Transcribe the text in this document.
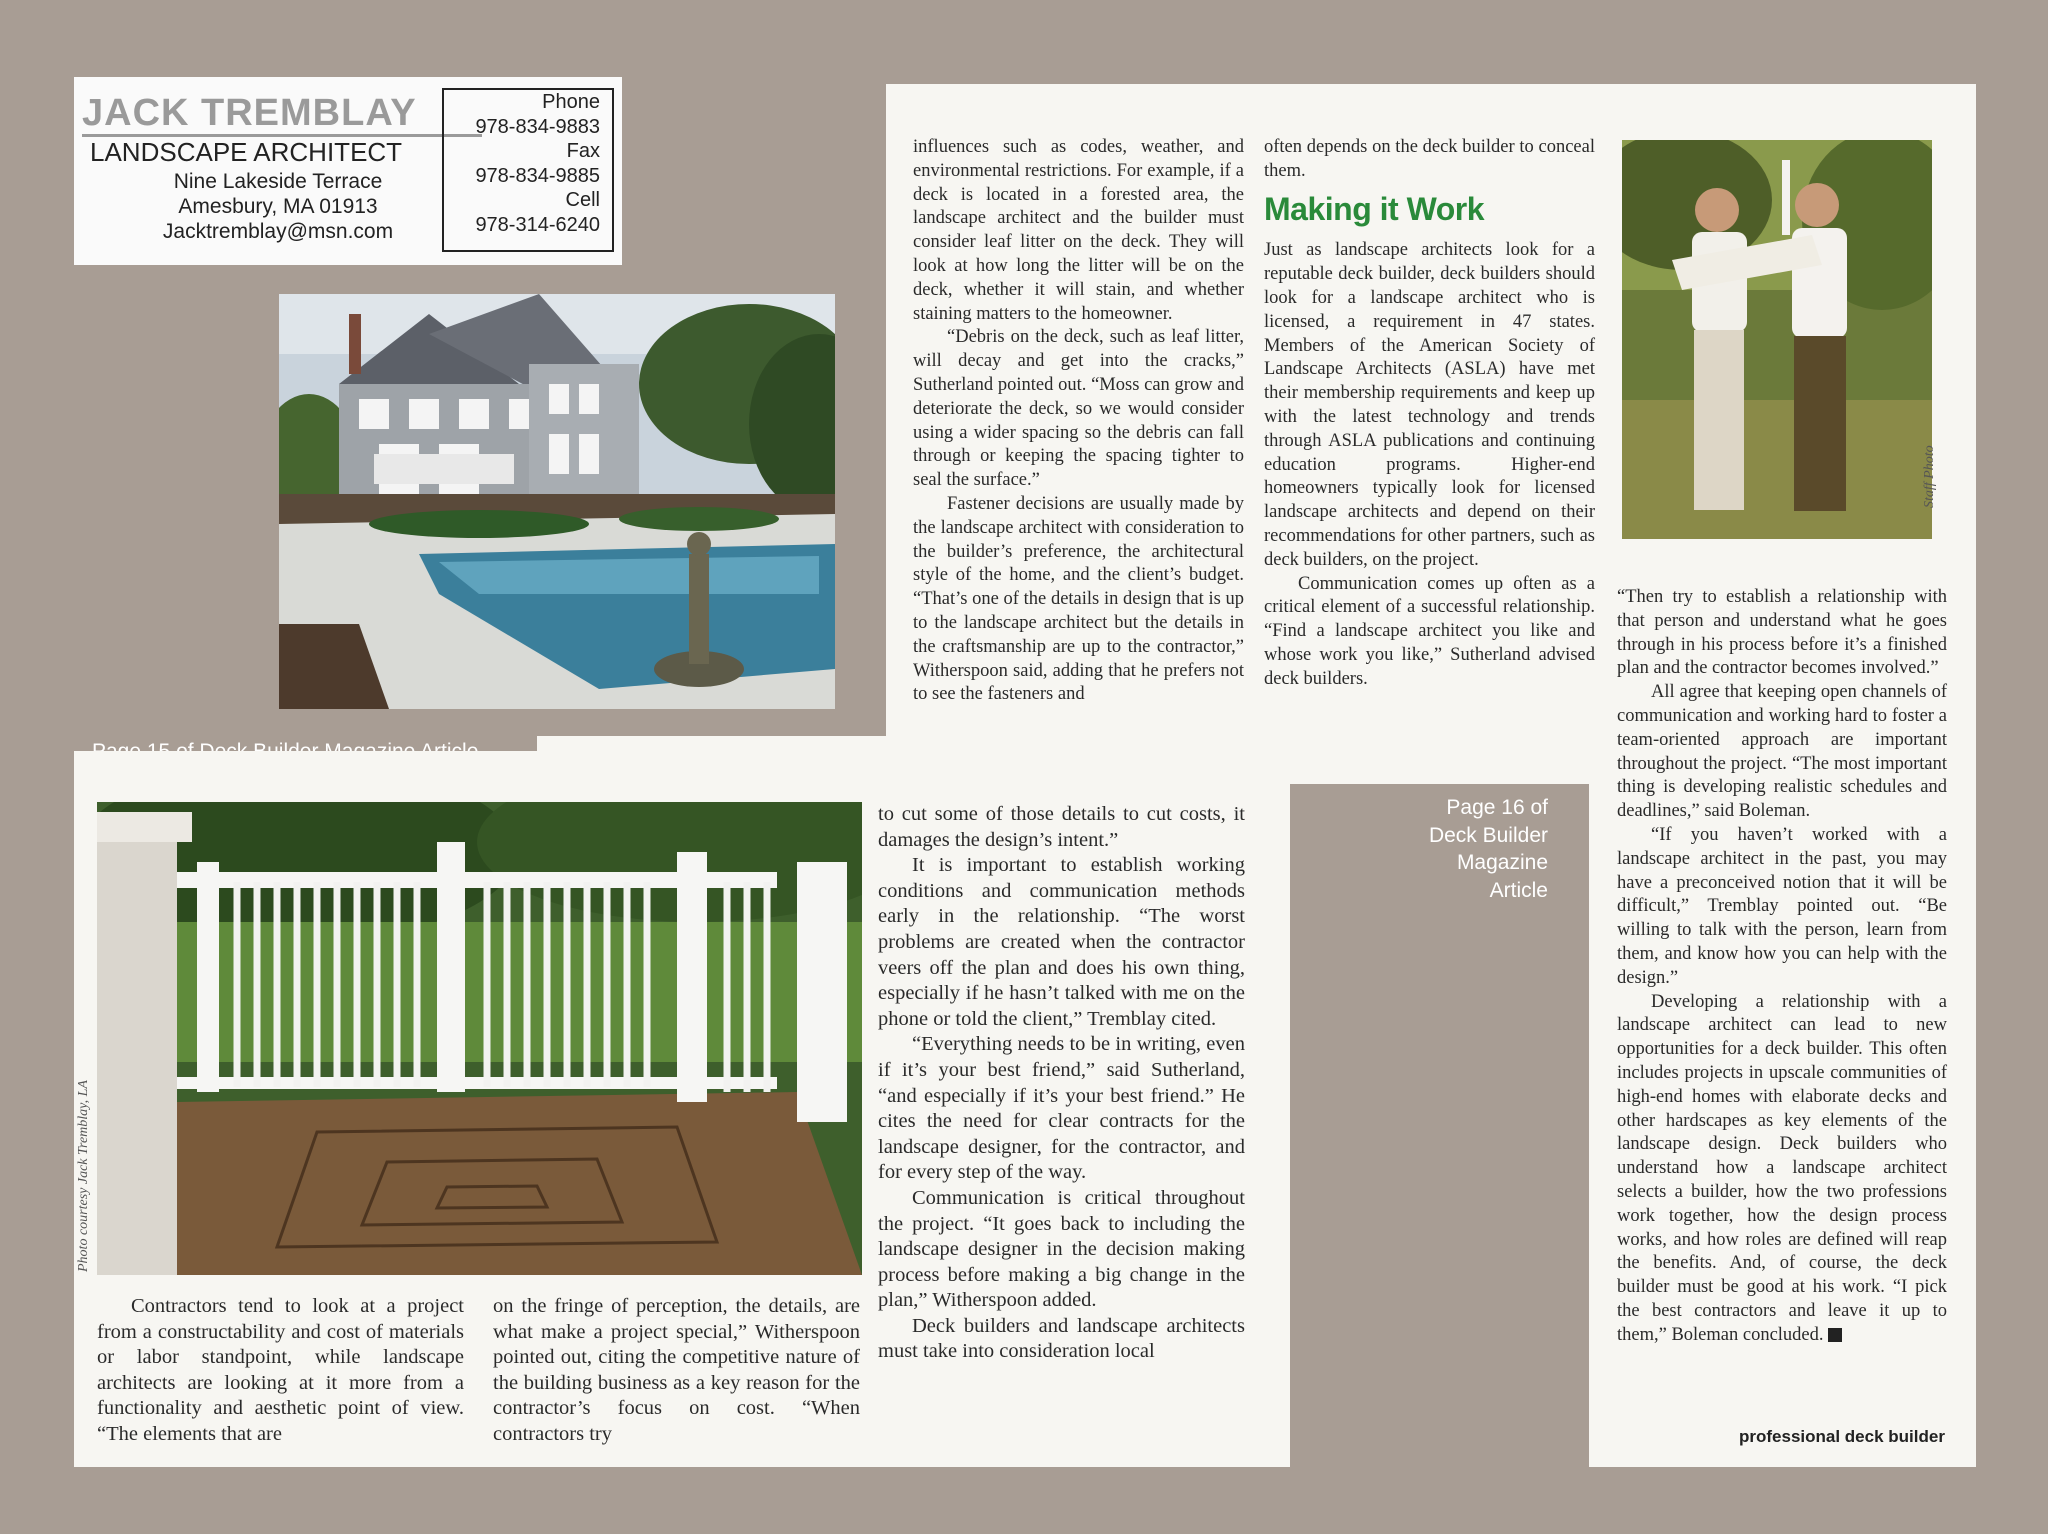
JACK TREMBLAY
LANDSCAPE ARCHITECT
Nine Lakeside Terrace
Amesbury, MA 01913
Jacktremblay@msn.com
Phone
978-834-9883
Fax
978-834-9885
Cell
978-314-6240
Page 16 of
Deck Builder
Magazine
Article

influences such as codes, weather, and environmental restrictions. For example, if a deck is located in a forested area, the landscape architect and the builder must consider leaf litter on the deck. They will look at how long the litter will be on the deck, whether it will stain, and whether staining matters to the homeowner.

“Debris on the deck, such as leaf litter, will decay and get into the cracks,” Sutherland pointed out. “Moss can grow and deteriorate the deck, so we would consider using a wider spacing so the debris can fall through or keeping the spacing tighter to seal the surface.”

Fastener decisions are usually made by the landscape architect with consideration to the builder’s preference, the architectural style of the home, and the client’s budget. “That’s one of the details in design that is up to the landscape architect but the details in the craftsmanship are up to the contractor,” Witherspoon said, adding that he prefers not to see the fasteners and

often depends on the deck builder to conceal them.

Making it Work

Just as landscape architects look for a reputable deck builder, deck builders should look for a landscape architect who is licensed, a requirement in 47 states. Members of the American Society of Landscape Architects (ASLA) have met their membership requirements and keep up with the latest technology and trends through ASLA publications and continuing education programs. Higher-end homeowners typically look for licensed landscape architects and depend on their recommendations for other partners, such as deck builders, on the project.

Communication comes up often as a critical element of a successful relationship. “Find a landscape architect you like and whose work you like,” Sutherland advised deck builders.

Staff Photo

“Then try to establish a relationship with that person and understand what he goes through in his process before it’s a finished plan and the contractor becomes involved.”

All agree that keeping open channels of communication and working hard to foster a team-oriented approach are important throughout the project. “The most important thing is developing realistic schedules and deadlines,” said Boleman.

“If you haven’t worked with a landscape architect in the past, you may have a preconceived notion that it will be difficult,” Tremblay pointed out. “Be willing to talk with the person, learn from them, and know how you can help with the design.”

Developing a relationship with a landscape architect can lead to new opportunities for a deck builder. This often includes projects in upscale communities of high-end homes with elaborate decks and other hardscapes as key elements of the landscape design. Deck builders who understand how a landscape architect selects a builder, how the two professions work together, how the design process works, and how roles are defined will reap the benefits. And, of course, the deck builder must be good at his work. “I pick the best contractors and leave it up to them,” Boleman concluded.

professional deck builder
Photo courtesy Jack Tremblay, LA

Contractors tend to look at a project from a constructability and cost of materials or labor standpoint, while landscape architects are looking at it more from a functionality and aesthetic point of view. “The elements that are

on the fringe of perception, the details, are what make a project special,” Witherspoon pointed out, citing the competitive nature of the building business as a key reason for the contractor’s focus on cost. “When contractors try

to cut some of those details to cut costs, it damages the design’s intent.”

It is important to establish working conditions and communication methods early in the relationship. “The worst problems are created when the contractor veers off the plan and does his own thing, especially if he hasn’t talked with me on the phone or told the client,” Tremblay cited.

“Everything needs to be in writing, even if it’s your best friend,” said Sutherland, “and especially if it’s your best friend.” He cites the need for clear contracts for the landscape designer, for the contractor, and for every step of the way.

Communication is critical throughout the project. “It goes back to including the landscape designer in the decision making process before making a big change in the plan,” Witherspoon added.

Deck builders and landscape architects must take into consideration local
